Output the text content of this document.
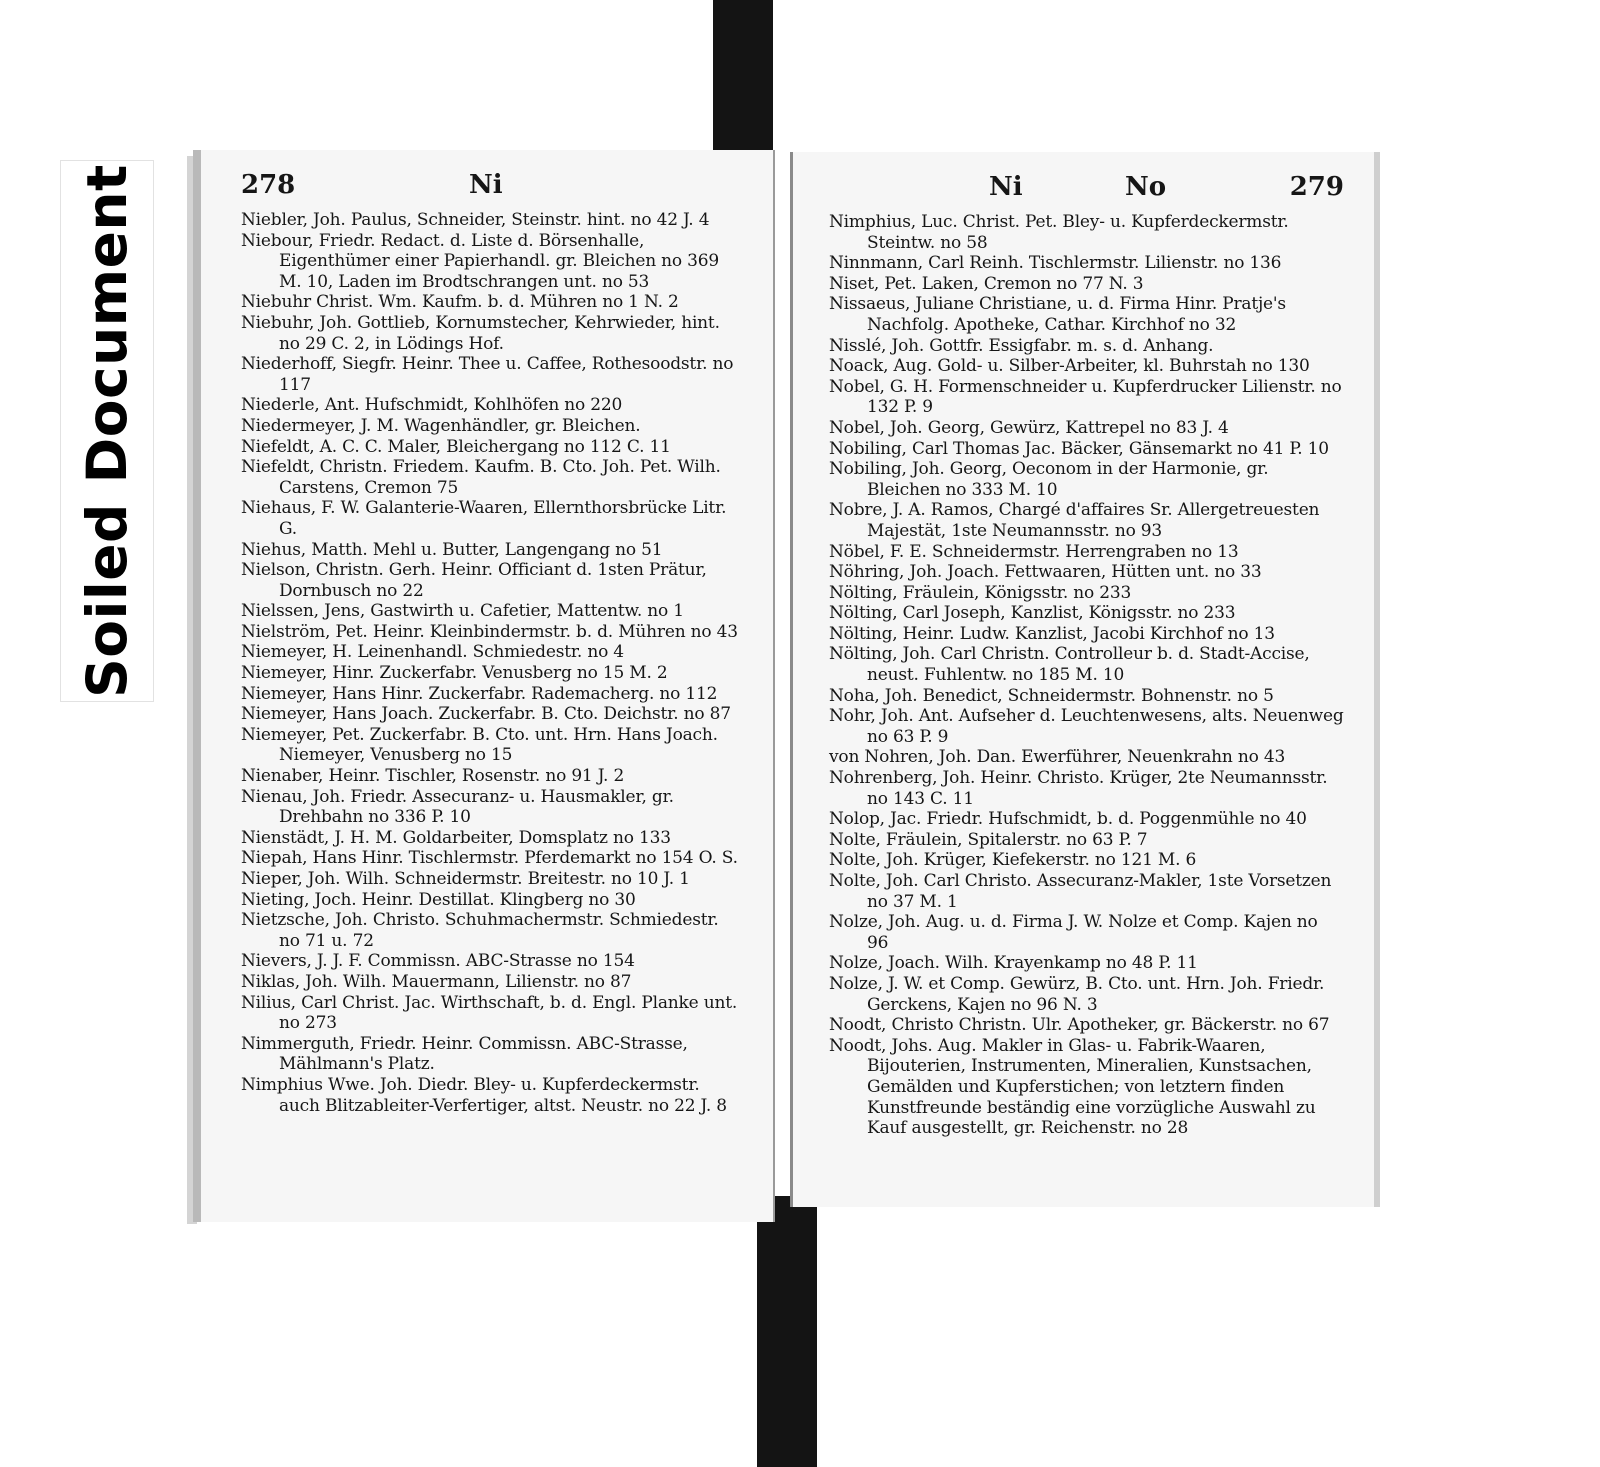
Soiled Document	278	Ni
Niebler, Joh. Paulus, Schneider, Steinstr. hint. no 42 J. 4
Niebour, Friedr. Redact. d. Liste d. Börsenhalle, Eigenthümer einer Papierhandl. gr. Bleichen no 369 M. 10, Laden im Brodtschrangen unt. no 53
Niebuhr Christ. Wm. Kaufm. b. d. Mühren no 1 N. 2
Niebuhr, Joh. Gottlieb, Kornumstecher, Kehrwieder, hint. no 29 C. 2, in Lödings Hof.
Niederhoff, Siegfr. Heinr. Thee u. Caffee, Rothesoodstr. no 117
Niederle, Ant. Hufschmidt, Kohlhöfen no 220
Niedermeyer, J. M. Wagenhändler, gr. Bleichen.
Niefeldt, A. C. C. Maler, Bleichergang no 112 C. 11
Niefeldt, Christn. Friedem. Kaufm. B. Cto. Joh. Pet. Wilh. Carstens, Cremon 75
Niehaus, F. W. Galanterie-Waaren, Ellernthorsbrücke Litr. G.
Niehus, Matth. Mehl u. Butter, Langengang no 51
Nielson, Christn. Gerh. Heinr. Officiant d. 1sten Prätur, Dornbusch no 22
Nielssen, Jens, Gastwirth u. Cafetier, Mattentw. no 1
Nielström, Pet. Heinr. Kleinbindermstr. b. d. Mühren no 43
Niemeyer, H. Leinenhandl. Schmiedestr. no 4
Niemeyer, Hinr. Zuckerfabr. Venusberg no 15 M. 2
Niemeyer, Hans Hinr. Zuckerfabr. Rademacherg. no 112
Niemeyer, Hans Joach. Zuckerfabr. B. Cto. Deichstr. no 87
Niemeyer, Pet. Zuckerfabr. B. Cto. unt. Hrn. Hans Joach. Niemeyer, Venusberg no 15
Nienaber, Heinr. Tischler, Rosenstr. no 91 J. 2
Nienau, Joh. Friedr. Assecuranz- u. Hausmakler, gr. Drehbahn no 336 P. 10
Nienstädt, J. H. M. Goldarbeiter, Domsplatz no 133
Niepah, Hans Hinr. Tischlermstr. Pferdemarkt no 154 O. S.
Nieper, Joh. Wilh. Schneidermstr. Breitestr. no 10 J. 1
Nieting, Joch. Heinr. Destillat. Klingberg no 30
Nietzsche, Joh. Christo. Schuhmachermstr. Schmiedestr. no 71 u. 72
Nievers, J. J. F. Commissn. ABC-Strasse no 154
Niklas, Joh. Wilh. Mauermann, Lilienstr. no 87
Nilius, Carl Christ. Jac. Wirthschaft, b. d. Engl. Planke unt. no 273
Nimmerguth, Friedr. Heinr. Commissn. ABC-Strasse, Mählmann's Platz.
Nimphius Wwe. Joh. Diedr. Bley- u. Kupferdeckermstr. auch Blitzableiter-Verfertiger, altst. Neustr. no 22 J. 8
Ni	No	279
Nimphius, Luc. Christ. Pet. Bley- u. Kupferdeckermstr. Steintw. no 58
Ninnmann, Carl Reinh. Tischlermstr. Lilienstr. no 136
Niset, Pet. Laken, Cremon no 77 N. 3
Nissaeus, Juliane Christiane, u. d. Firma Hinr. Pratje's Nachfolg. Apotheke, Cathar. Kirchhof no 32
Nisslé, Joh. Gottfr. Essigfabr. m. s. d. Anhang.
Noack, Aug. Gold- u. Silber-Arbeiter, kl. Buhrstah no 130
Nobel, G. H. Formenschneider u. Kupferdrucker Lilienstr. no 132 P. 9
Nobel, Joh. Georg, Gewürz, Kattrepel no 83 J. 4
Nobiling, Carl Thomas Jac. Bäcker, Gänsemarkt no 41 P. 10
Nobiling, Joh. Georg, Oeconom in der Harmonie, gr. Bleichen no 333 M. 10
Nobre, J. A. Ramos, Chargé d'affaires Sr. Allergetreuesten Majestät, 1ste Neumannsstr. no 93
Nöbel, F. E. Schneidermstr. Herrengraben no 13
Nöhring, Joh. Joach. Fettwaaren, Hütten unt. no 33
Nölting, Fräulein, Königsstr. no 233
Nölting, Carl Joseph, Kanzlist, Königsstr. no 233
Nölting, Heinr. Ludw. Kanzlist, Jacobi Kirchhof no 13
Nölting, Joh. Carl Christn. Controlleur b. d. Stadt-Accise, neust. Fuhlentw. no 185 M. 10
Noha, Joh. Benedict, Schneidermstr. Bohnenstr. no 5
Nohr, Joh. Ant. Aufseher d. Leuchtenwesens, alts. Neuenweg no 63 P. 9
von Nohren, Joh. Dan. Ewerführer, Neuenkrahn no 43
Nohrenberg, Joh. Heinr. Christo. Krüger, 2te Neumannsstr. no 143 C. 11
Nolop, Jac. Friedr. Hufschmidt, b. d. Poggenmühle no 40
Nolte, Fräulein, Spitalerstr. no 63 P. 7
Nolte, Joh. Krüger, Kiefekerstr. no 121 M. 6
Nolte, Joh. Carl Christo. Assecuranz-Makler, 1ste Vorsetzen no 37 M. 1
Nolze, Joh. Aug. u. d. Firma J. W. Nolze et Comp. Kajen no 96
Nolze, Joach. Wilh. Krayenkamp no 48 P. 11
Nolze, J. W. et Comp. Gewürz, B. Cto. unt. Hrn. Joh. Friedr. Gerckens, Kajen no 96 N. 3
Noodt, Christo Christn. Ulr. Apotheker, gr. Bäckerstr. no 67
Noodt, Johs. Aug. Makler in Glas- u. Fabrik-Waaren, Bijouterien, Instrumenten, Mineralien, Kunstsachen, Gemälden und Kupferstichen; von letztern finden Kunstfreunde beständig eine vorzügliche Auswahl zu Kauf ausgestellt, gr. Reichenstr. no 28
